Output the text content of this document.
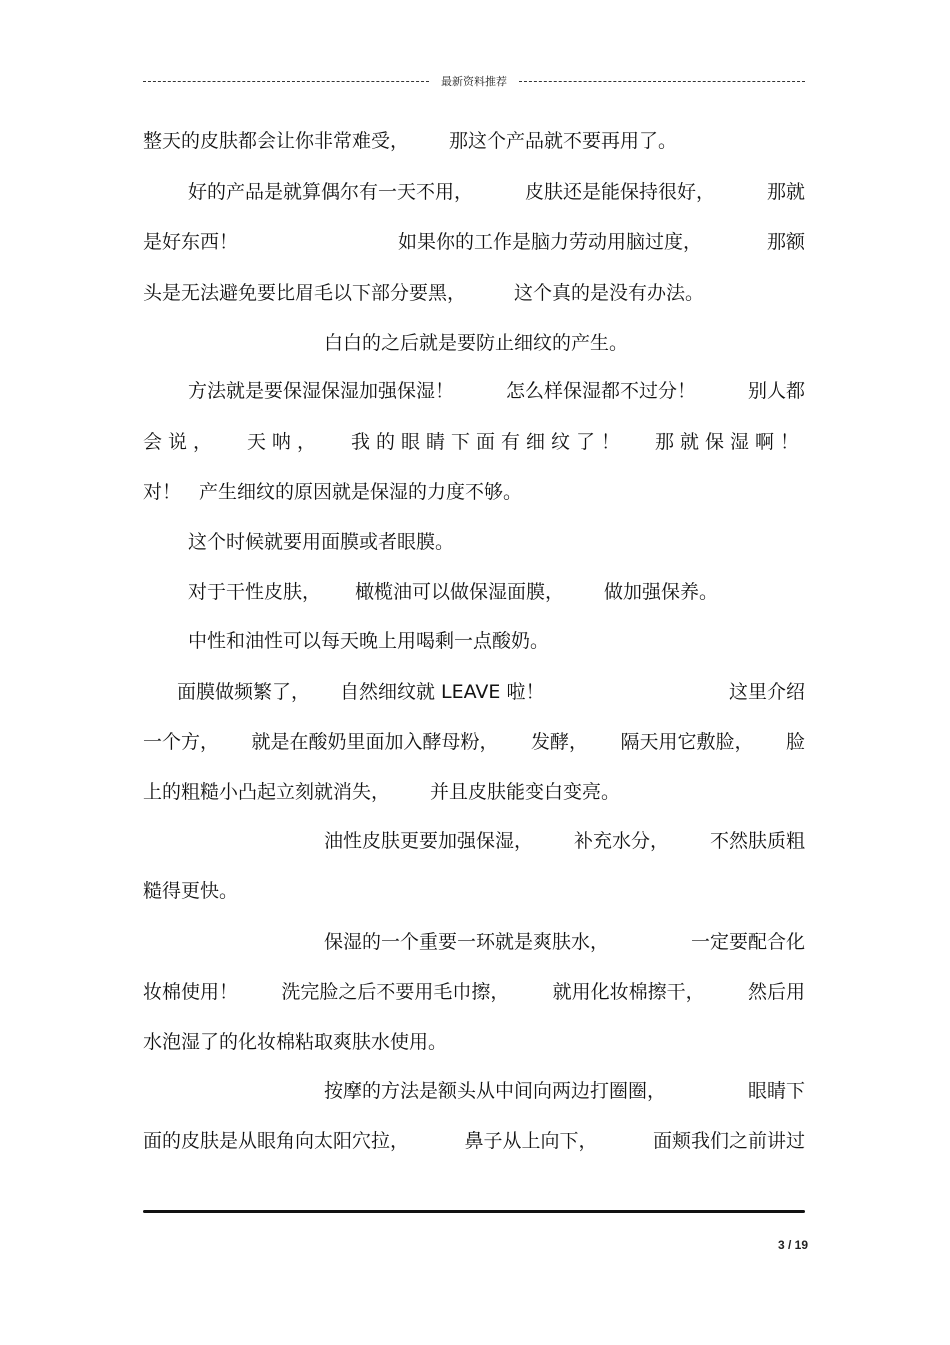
最新资料推荐
整天的皮肤都会让你非常难受， 那这个产品就不要再用了。
好的产品是就算偶尔有一天不用，	皮肤还是能保持很好，	那就
是好东西！	如果你的工作是脑力劳动用脑过度，	那额
头是无法避免要比眉毛以下部分要黑，	这个真的是没有办法。
白白的之后就是要防止细纹的产生。
方法就是要保湿保湿加强保湿！	怎么样保湿都不过分！	别人都
会说， 天呐， 我的眼睛下面有细纹了！ 那就保湿啊！
对！ 产生细纹的原因就是保湿的力度不够。
这个时候就要用面膜或者眼膜。
对于干性皮肤， 橄榄油可以做保湿面膜， 做加强保养。
中性和油性可以每天晚上用喝剩一点酸奶。
面膜做频繁了， 自然细纹就 LEAVE 啦！	这里介绍
一个方， 就是在酸奶里面加入酵母粉， 发酵， 隔天用它敷脸， 脸
上的粗糙小凸起立刻就消失， 并且皮肤能变白变亮。
油性皮肤更要加强保湿， 补充水分， 不然肤质粗
糙得更快。
保湿的一个重要一环就是爽肤水，	一定要配合化
妆棉使用！ 洗完脸之后不要用毛巾擦， 就用化妆棉擦干， 然后用
水泡湿了的化妆棉粘取爽肤水使用。
按摩的方法是额头从中间向两边打圈圈，	眼睛下
面的皮肤是从眼角向太阳穴拉，	鼻子从上向下，	面颊我们之前讲过
3 / 19
